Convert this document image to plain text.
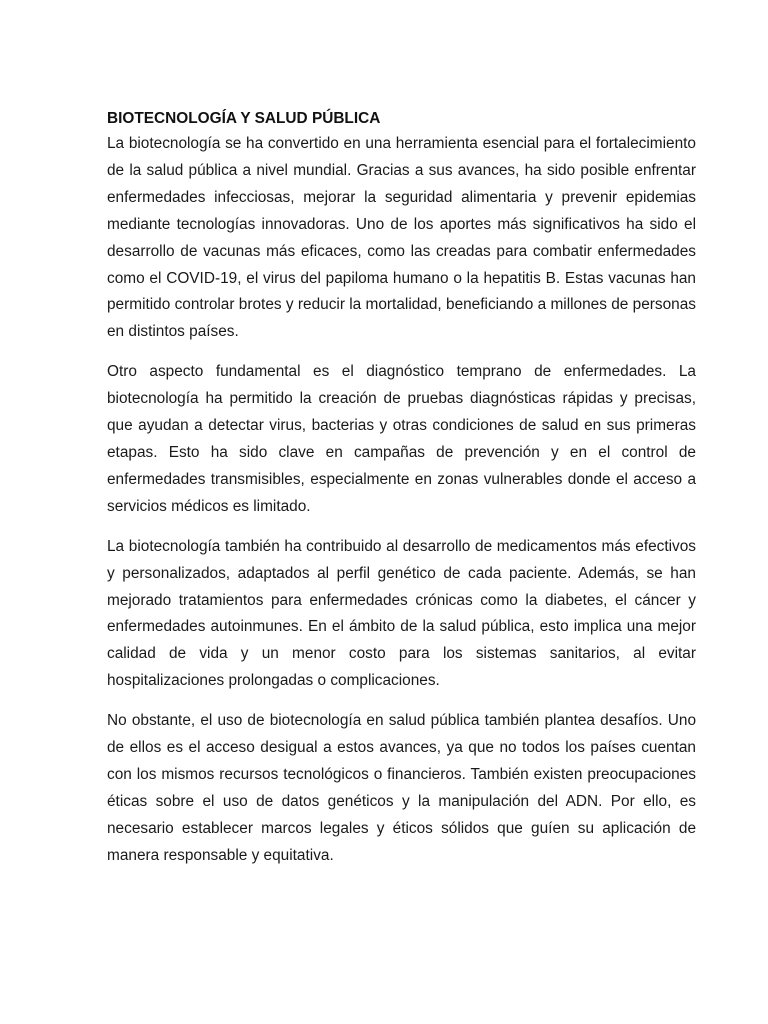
BIOTECNOLOGÍA Y SALUD PÚBLICA

La biotecnología se ha convertido en una herramienta esencial para el fortalecimiento de la salud pública a nivel mundial. Gracias a sus avances, ha sido posible enfrentar enfermedades infecciosas, mejorar la seguridad alimentaria y prevenir epidemias mediante tecnologías innovadoras. Uno de los aportes más significativos ha sido el desarrollo de vacunas más eficaces, como las creadas para combatir enfermedades como el COVID-19, el virus del papiloma humano o la hepatitis B. Estas vacunas han permitido controlar brotes y reducir la mortalidad, beneficiando a millones de personas en distintos países.

Otro aspecto fundamental es el diagnóstico temprano de enfermedades. La biotecnología ha permitido la creación de pruebas diagnósticas rápidas y precisas, que ayudan a detectar virus, bacterias y otras condiciones de salud en sus primeras etapas. Esto ha sido clave en campañas de prevención y en el control de enfermedades transmisibles, especialmente en zonas vulnerables donde el acceso a servicios médicos es limitado.

La biotecnología también ha contribuido al desarrollo de medicamentos más efectivos y personalizados, adaptados al perfil genético de cada paciente. Además, se han mejorado tratamientos para enfermedades crónicas como la diabetes, el cáncer y enfermedades autoinmunes. En el ámbito de la salud pública, esto implica una mejor calidad de vida y un menor costo para los sistemas sanitarios, al evitar hospitalizaciones prolongadas o complicaciones.

No obstante, el uso de biotecnología en salud pública también plantea desafíos. Uno de ellos es el acceso desigual a estos avances, ya que no todos los países cuentan con los mismos recursos tecnológicos o financieros. También existen preocupaciones éticas sobre el uso de datos genéticos y la manipulación del ADN. Por ello, es necesario establecer marcos legales y éticos sólidos que guíen su aplicación de manera responsable y equitativa.
